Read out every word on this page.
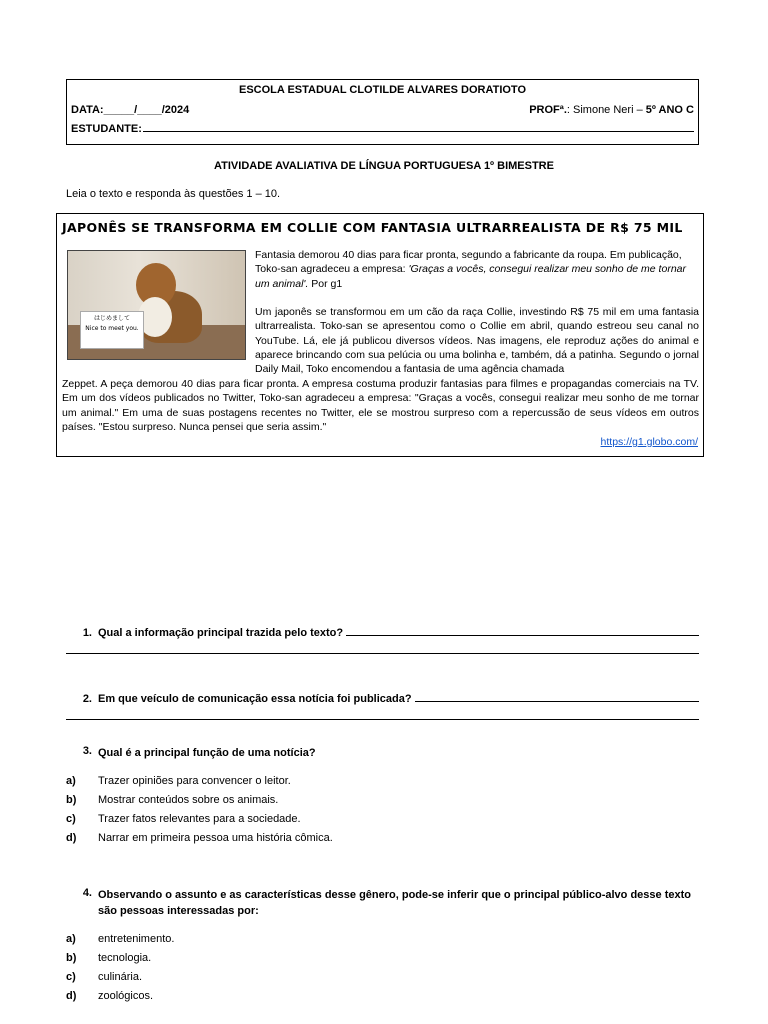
ESCOLA ESTADUAL CLOTILDE ALVARES DORATIOTO
DATA:_____/____/2024	PROFª.: Simone Neri – 5º ANO C
ESTUDANTE:
ATIVIDADE AVALIATIVA DE LÍNGUA PORTUGUESA 1º BIMESTRE
Leia o texto e responda às questões 1 – 10.
JAPONÊS SE TRANSFORMA EM COLLIE COM FANTASIA ULTRARREALISTA DE R$ 75 MIL
はじめまして
Nice to meet you.

Fantasia demorou 40 dias para ficar pronta, segundo a fabricante da roupa. Em publicação, Toko-san agradeceu a empresa: 'Graças a vocês, consegui realizar meu sonho de me tornar um animal'. Por g1

Um japonês se transformou em um cão da raça Collie, investindo R$ 75 mil em uma fantasia ultrarrealista. Toko-san se apresentou como o Collie em abril, quando estreou seu canal no YouTube. Lá, ele já publicou diversos vídeos. Nas imagens, ele reproduz ações do animal e aparece brincando com sua pelúcia ou uma bolinha e, também, dá a patinha. Segundo o jornal Daily Mail, Toko encomendou a fantasia de uma agência chamada

Zeppet. A peça demorou 40 dias para ficar pronta. A empresa costuma produzir fantasias para filmes e propagandas comerciais na TV. Em um dos vídeos publicados no Twitter, Toko-san agradeceu a empresa: "Graças a vocês, consegui realizar meu sonho de me tornar um animal." Em uma de suas postagens recentes no Twitter, ele se mostrou surpreso com a repercussão de seus vídeos em outros países. "Estou surpreso. Nunca pensei que seria assim."

https://g1.globo.com/
1. Qual a informação principal trazida pelo texto?
2. Em que veículo de comunicação essa notícia foi publicada?
3. Qual é a principal função de uma notícia?
a)	Trazer opiniões para convencer o leitor.
b)	Mostrar conteúdos sobre os animais.
c)	Trazer fatos relevantes para a sociedade.
d)	Narrar em primeira pessoa uma história cômica.
4. Observando o assunto e as características desse gênero, pode-se inferir que o principal público-alvo desse texto são pessoas interessadas por:
a)	entretenimento.
b)	tecnologia.
c)	culinária.
d)	zoológicos.
